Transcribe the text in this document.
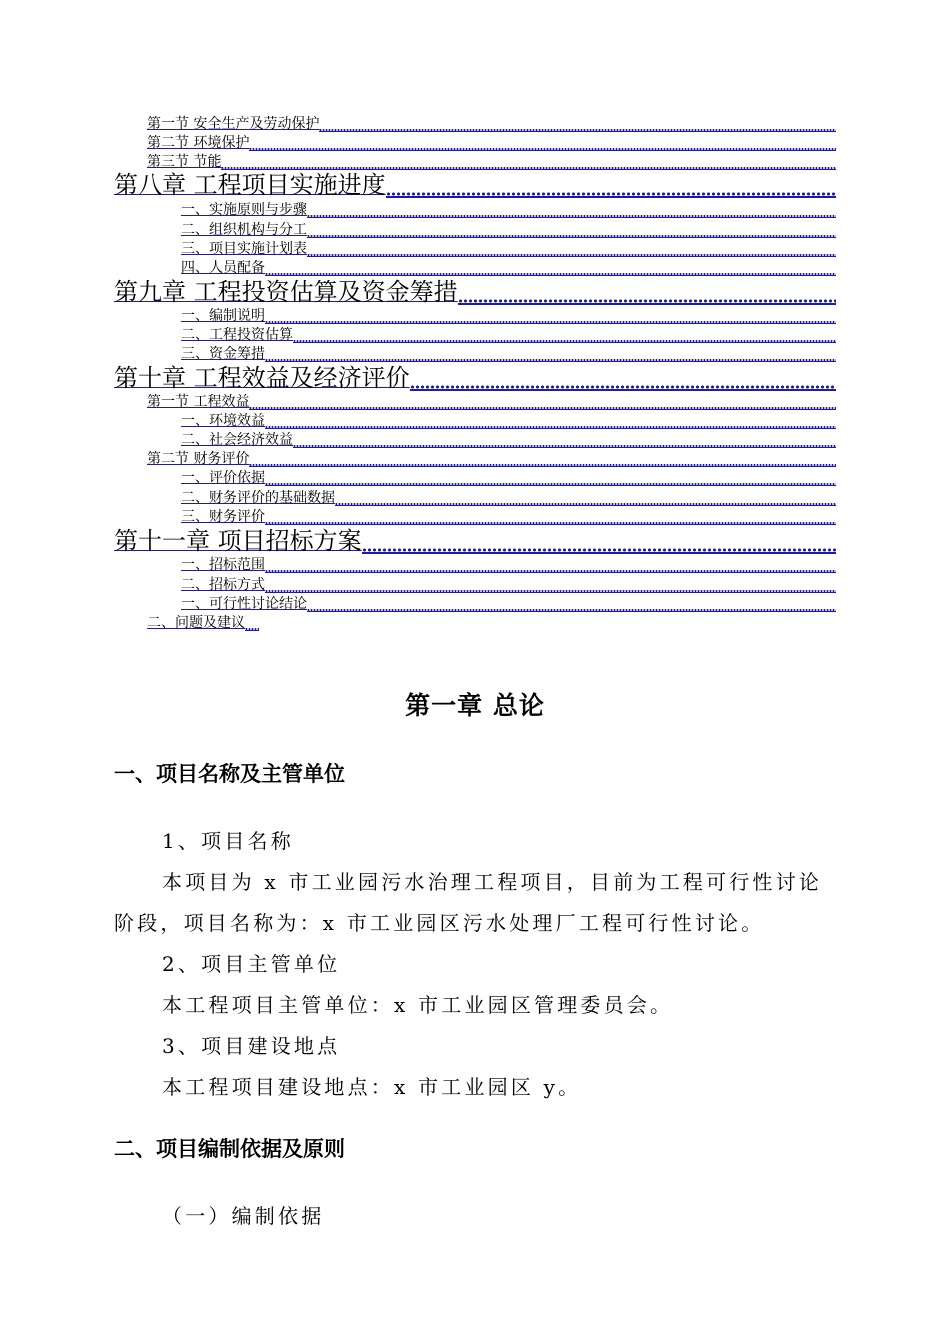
第一节 安全生产及劳动保护
第二节 环境保护
第三节 节能
第八章 工程项目实施进度
一、实施原则与步骤
二、组织机构与分工
三、项目实施计划表
四、人员配备
第九章 工程投资估算及资金筹措
一、编制说明
二、工程投资估算
三、资金筹措
第十章 工程效益及经济评价
第一节 工程效益
一、环境效益
二、社会经济效益
第二节 财务评价
一、评价依据
二、财务评价的基础数据
三、财务评价
第十一章 项目招标方案
一、招标范围
二、招标方式
一、可行性讨论结论
二、问题及建议
第一章 总论
一、项目名称及主管单位
1、项目名称
本项目为 x 市工业园污水治理工程项目，目前为工程可行性讨论
阶段，项目名称为：x 市工业园区污水处理厂工程可行性讨论。
2、项目主管单位
本工程项目主管单位：x 市工业园区管理委员会。
3、项目建设地点
本工程项目建设地点：x 市工业园区 y。
二、项目编制依据及原则
（一）编制依据
